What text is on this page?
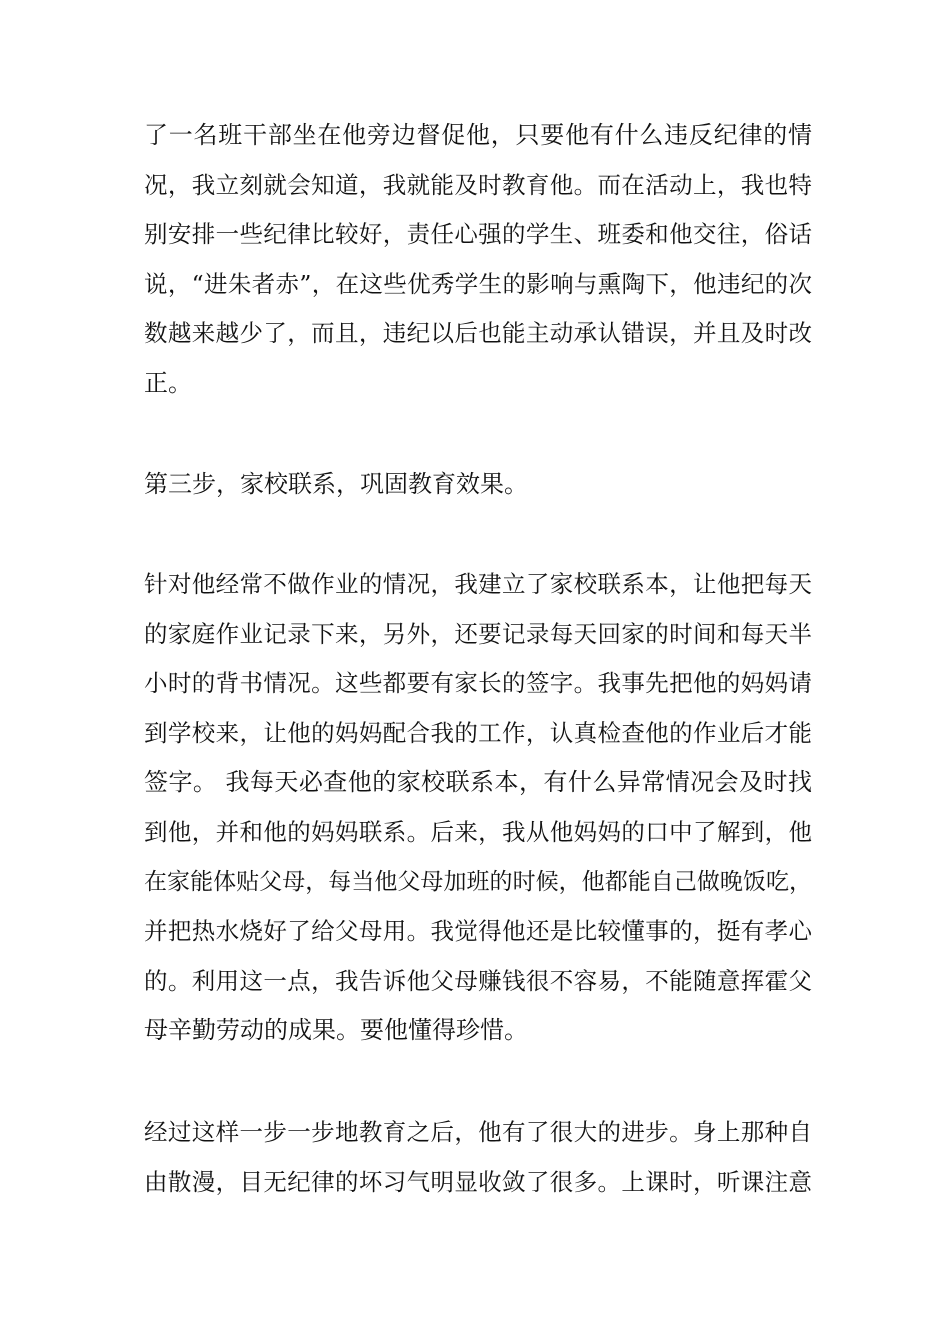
了一名班干部坐在他旁边督促他，只要他有什么违反纪律的情
况，我立刻就会知道，我就能及时教育他。而在活动上，我也特
别安排一些纪律比较好，责任心强的学生、班委和他交往，俗话
说，“进朱者赤”，在这些优秀学生的影响与熏陶下，他违纪的次
数越来越少了，而且，违纪以后也能主动承认错误，并且及时改
正。
第三步，家校联系，巩固教育效果。
针对他经常不做作业的情况，我建立了家校联系本，让他把每天
的家庭作业记录下来，另外，还要记录每天回家的时间和每天半
小时的背书情况。这些都要有家长的签字。我事先把他的妈妈请
到学校来，让他的妈妈配合我的工作，认真检查他的作业后才能
签字。 我每天必查他的家校联系本，有什么异常情况会及时找
到他，并和他的妈妈联系。后来，我从他妈妈的口中了解到，他
在家能体贴父母，每当他父母加班的时候，他都能自己做晚饭吃，
并把热水烧好了给父母用。我觉得他还是比较懂事的，挺有孝心
的。利用这一点，我告诉他父母赚钱很不容易，不能随意挥霍父
母辛勤劳动的成果。要他懂得珍惜。
经过这样一步一步地教育之后，他有了很大的进步。身上那种自
由散漫，目无纪律的坏习气明显收敛了很多。上课时，听课注意
